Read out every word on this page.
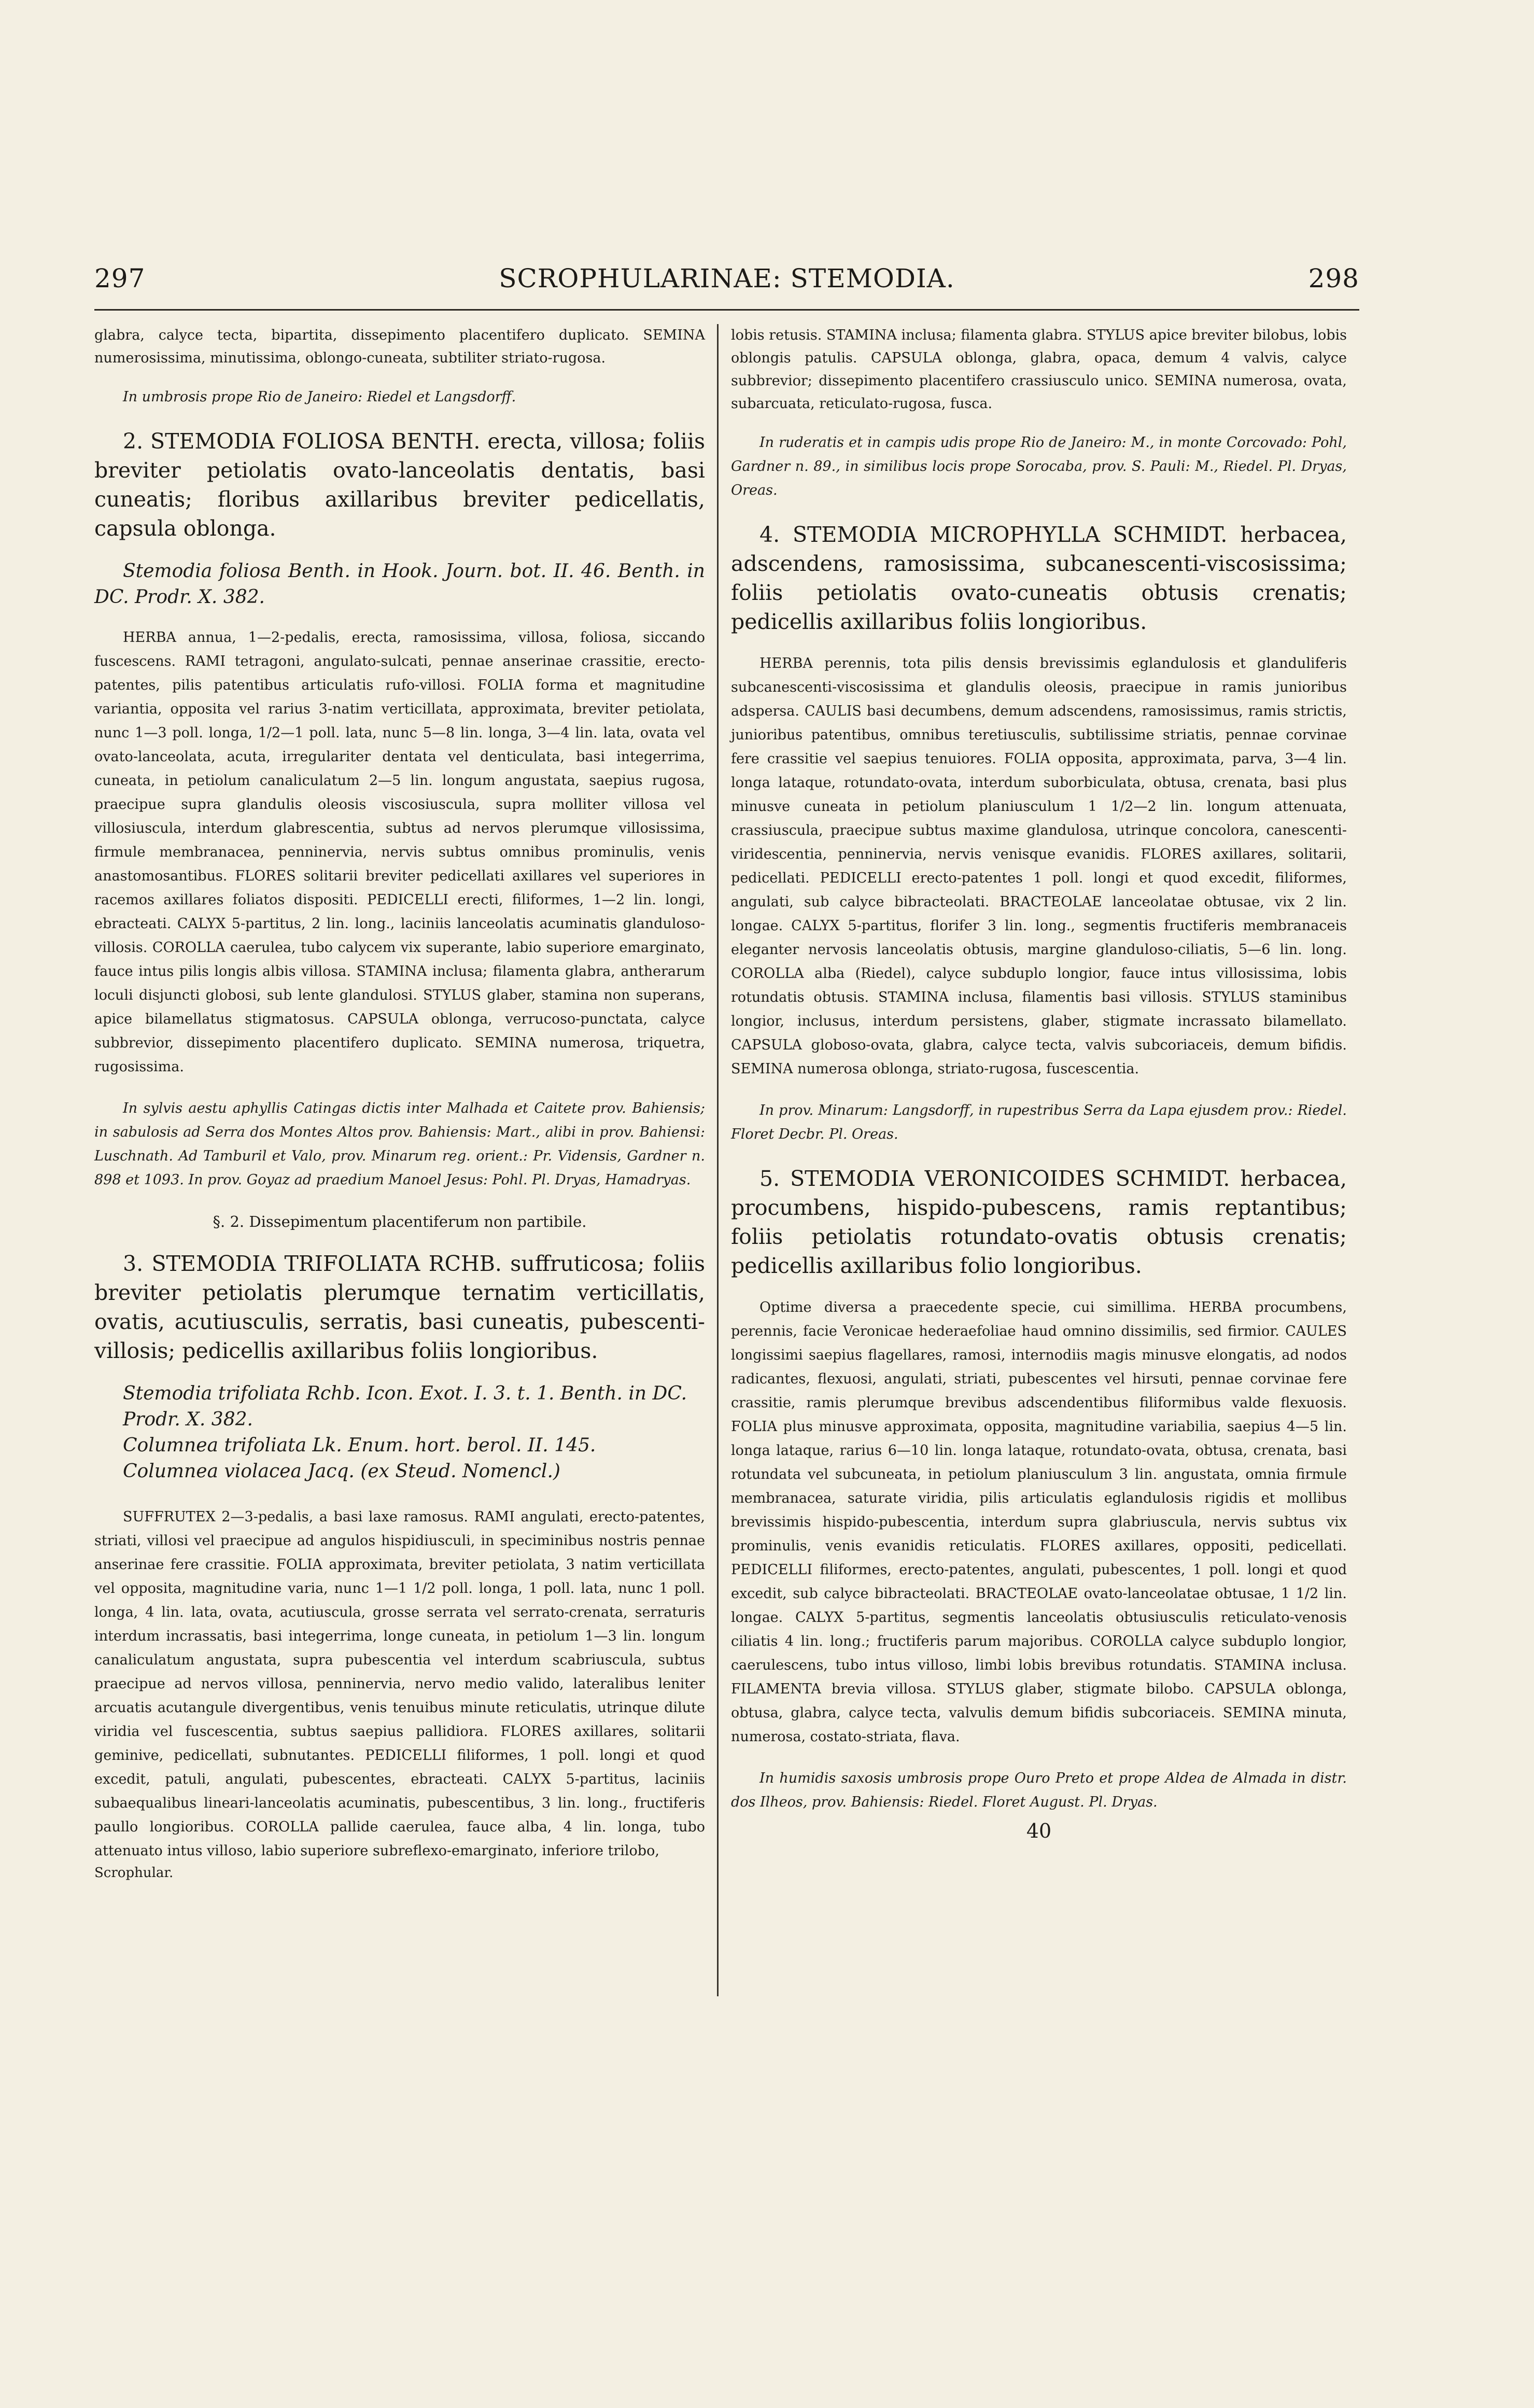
297	SCROPHULARINAE: STEMODIA.	298

glabra, calyce tecta, bipartita, dissepimento placentifero duplicato. SEMINA numerosissima, minutissima, oblongo-cuneata, subtiliter striato-rugosa.

In umbrosis prope Rio de Janeiro: Riedel et Langsdorff.

2. STEMODIA FOLIOSA BENTH. erecta, villosa; foliis breviter petiolatis ovato-lanceolatis dentatis, basi cuneatis; floribus axillaribus breviter pedicellatis, capsula oblonga.

Stemodia foliosa Benth. in Hook. Journ. bot. II. 46. Benth. in DC. Prodr. X. 382.

HERBA annua, 1—2-pedalis, erecta, ramosissima, villosa, foliosa, siccando fuscescens. RAMI tetragoni, angulato-sulcati, pennae anserinae crassitie, erecto-patentes, pilis patentibus articulatis rufo-villosi. FOLIA forma et magnitudine variantia, opposita vel rarius 3-natim verticillata, approximata, breviter petiolata, nunc 1—3 poll. longa, 1/2—1 poll. lata, nunc 5—8 lin. longa, 3—4 lin. lata, ovata vel ovato-lanceolata, acuta, irregulariter dentata vel denticulata, basi integerrima, cuneata, in petiolum canaliculatum 2—5 lin. longum angustata, saepius rugosa, praecipue supra glandulis oleosis viscosiuscula, supra molliter villosa vel villosiuscula, interdum glabrescentia, subtus ad nervos plerumque villosissima, firmule membranacea, penninervia, nervis subtus omnibus prominulis, venis anastomosantibus. FLORES solitarii breviter pedicellati axillares vel superiores in racemos axillares foliatos dispositi. PEDICELLI erecti, filiformes, 1—2 lin. longi, ebracteati. CALYX 5-partitus, 2 lin. long., laciniis lanceolatis acuminatis glanduloso-villosis. COROLLA caerulea, tubo calycem vix superante, labio superiore emarginato, fauce intus pilis longis albis villosa. STAMINA inclusa; filamenta glabra, antherarum loculi disjuncti globosi, sub lente glandulosi. STYLUS glaber, stamina non superans, apice bilamellatus stigmatosus. CAPSULA oblonga, verrucoso-punctata, calyce subbrevior, dissepimento placentifero duplicato. SEMINA numerosa, triquetra, rugosissima.

In sylvis aestu aphyllis Catingas dictis inter Malhada et Caitete prov. Bahiensis; in sabulosis ad Serra dos Montes Altos prov. Bahiensis: Mart., alibi in prov. Bahiensi: Luschnath. Ad Tamburil et Valo, prov. Minarum reg. orient.: Pr. Vidensis, Gardner n. 898 et 1093. In prov. Goyaz ad praedium Manoel Jesus: Pohl. Pl. Dryas, Hamadryas.

§. 2. Dissepimentum placentiferum non partibile.

3. STEMODIA TRIFOLIATA RCHB. suffruticosa; foliis breviter petiolatis plerumque ternatim verticillatis, ovatis, acutiusculis, serratis, basi cuneatis, pubescenti-villosis; pedicellis axillaribus foliis longioribus.

Stemodia trifoliata Rchb. Icon. Exot. I. 3. t. 1. Benth. in DC. Prodr. X. 382.
Columnea trifoliata Lk. Enum. hort. berol. II. 145.
Columnea violacea Jacq. (ex Steud. Nomencl.)

SUFFRUTEX 2—3-pedalis, a basi laxe ramosus. RAMI angulati, erecto-patentes, striati, villosi vel praecipue ad angulos hispidiusculi, in speciminibus nostris pennae anserinae fere crassitie. FOLIA approximata, breviter petiolata, 3 natim verticillata vel opposita, magnitudine varia, nunc 1—1 1/2 poll. longa, 1 poll. lata, nunc 1 poll. longa, 4 lin. lata, ovata, acutiuscula, grosse serrata vel serrato-crenata, serraturis interdum incrassatis, basi integerrima, longe cuneata, in petiolum 1—3 lin. longum canaliculatum angustata, supra pubescentia vel interdum scabriuscula, subtus praecipue ad nervos villosa, penninervia, nervo medio valido, lateralibus leniter arcuatis acutangule divergentibus, venis tenuibus minute reticulatis, utrinque dilute viridia vel fuscescentia, subtus saepius pallidiora. FLORES axillares, solitarii geminive, pedicellati, subnutantes. PEDICELLI filiformes, 1 poll. longi et quod excedit, patuli, angulati, pubescentes, ebracteati. CALYX 5-partitus, laciniis subaequalibus lineari-lanceolatis acuminatis, pubescentibus, 3 lin. long., fructiferis paullo longioribus. COROLLA pallide caerulea, fauce alba, 4 lin. longa, tubo attenuato intus villoso, labio superiore subreflexo-emarginato, inferiore trilobo,

Scrophular.

lobis retusis. STAMINA inclusa; filamenta glabra. STYLUS apice breviter bilobus, lobis oblongis patulis. CAPSULA oblonga, glabra, opaca, demum 4 valvis, calyce subbrevior; dissepimento placentifero crassiusculo unico. SEMINA numerosa, ovata, subarcuata, reticulato-rugosa, fusca.

In ruderatis et in campis udis prope Rio de Janeiro: M., in monte Corcovado: Pohl, Gardner n. 89., in similibus locis prope Sorocaba, prov. S. Pauli: M., Riedel. Pl. Dryas, Oreas.

4. STEMODIA MICROPHYLLA SCHMIDT. herbacea, adscendens, ramosissima, subcanescenti-viscosissima; foliis petiolatis ovato-cuneatis obtusis crenatis; pedicellis axillaribus foliis longioribus.

HERBA perennis, tota pilis densis brevissimis eglandulosis et glanduliferis subcanescenti-viscosissima et glandulis oleosis, praecipue in ramis junioribus adspersa. CAULIS basi decumbens, demum adscendens, ramosissimus, ramis strictis, junioribus patentibus, omnibus teretiusculis, subtilissime striatis, pennae corvinae fere crassitie vel saepius tenuiores. FOLIA opposita, approximata, parva, 3—4 lin. longa lataque, rotundato-ovata, interdum suborbiculata, obtusa, crenata, basi plus minusve cuneata in petiolum planiusculum 1 1/2—2 lin. longum attenuata, crassiuscula, praecipue subtus maxime glandulosa, utrinque concolora, canescenti-viridescentia, penninervia, nervis venisque evanidis. FLORES axillares, solitarii, pedicellati. PEDICELLI erecto-patentes 1 poll. longi et quod excedit, filiformes, angulati, sub calyce bibracteolati. BRACTEOLAE lanceolatae obtusae, vix 2 lin. longae. CALYX 5-partitus, florifer 3 lin. long., segmentis fructiferis membranaceis eleganter nervosis lanceolatis obtusis, margine glanduloso-ciliatis, 5—6 lin. long. COROLLA alba (Riedel), calyce subduplo longior, fauce intus villosissima, lobis rotundatis obtusis. STAMINA inclusa, filamentis basi villosis. STYLUS staminibus longior, inclusus, interdum persistens, glaber, stigmate incrassato bilamellato. CAPSULA globoso-ovata, glabra, calyce tecta, valvis subcoriaceis, demum bifidis. SEMINA numerosa oblonga, striato-rugosa, fuscescentia.

In prov. Minarum: Langsdorff, in rupestribus Serra da Lapa ejusdem prov.: Riedel. Floret Decbr. Pl. Oreas.

5. STEMODIA VERONICOIDES SCHMIDT. herbacea, procumbens, hispido-pubescens, ramis reptantibus; foliis petiolatis rotundato-ovatis obtusis crenatis; pedicellis axillaribus folio longioribus.

Optime diversa a praecedente specie, cui simillima. HERBA procumbens, perennis, facie Veronicae hederaefoliae haud omnino dissimilis, sed firmior. CAULES longissimi saepius flagellares, ramosi, internodiis magis minusve elongatis, ad nodos radicantes, flexuosi, angulati, striati, pubescentes vel hirsuti, pennae corvinae fere crassitie, ramis plerumque brevibus adscendentibus filiformibus valde flexuosis. FOLIA plus minusve approximata, opposita, magnitudine variabilia, saepius 4—5 lin. longa lataque, rarius 6—10 lin. longa lataque, rotundato-ovata, obtusa, crenata, basi rotundata vel subcuneata, in petiolum planiusculum 3 lin. angustata, omnia firmule membranacea, saturate viridia, pilis articulatis eglandulosis rigidis et mollibus brevissimis hispido-pubescentia, interdum supra glabriuscula, nervis subtus vix prominulis, venis evanidis reticulatis. FLORES axillares, oppositi, pedicellati. PEDICELLI filiformes, erecto-patentes, angulati, pubescentes, 1 poll. longi et quod excedit, sub calyce bibracteolati. BRACTEOLAE ovato-lanceolatae obtusae, 1 1/2 lin. longae. CALYX 5-partitus, segmentis lanceolatis obtusiusculis reticulato-venosis ciliatis 4 lin. long.; fructiferis parum majoribus. COROLLA calyce subduplo longior, caerulescens, tubo intus villoso, limbi lobis brevibus rotundatis. STAMINA inclusa. FILAMENTA brevia villosa. STYLUS glaber, stigmate bilobo. CAPSULA oblonga, obtusa, glabra, calyce tecta, valvulis demum bifidis subcoriaceis. SEMINA minuta, numerosa, costato-striata, flava.

In humidis saxosis umbrosis prope Ouro Preto et prope Aldea de Almada in distr. dos Ilheos, prov. Bahiensis: Riedel. Floret August. Pl. Dryas.

40
